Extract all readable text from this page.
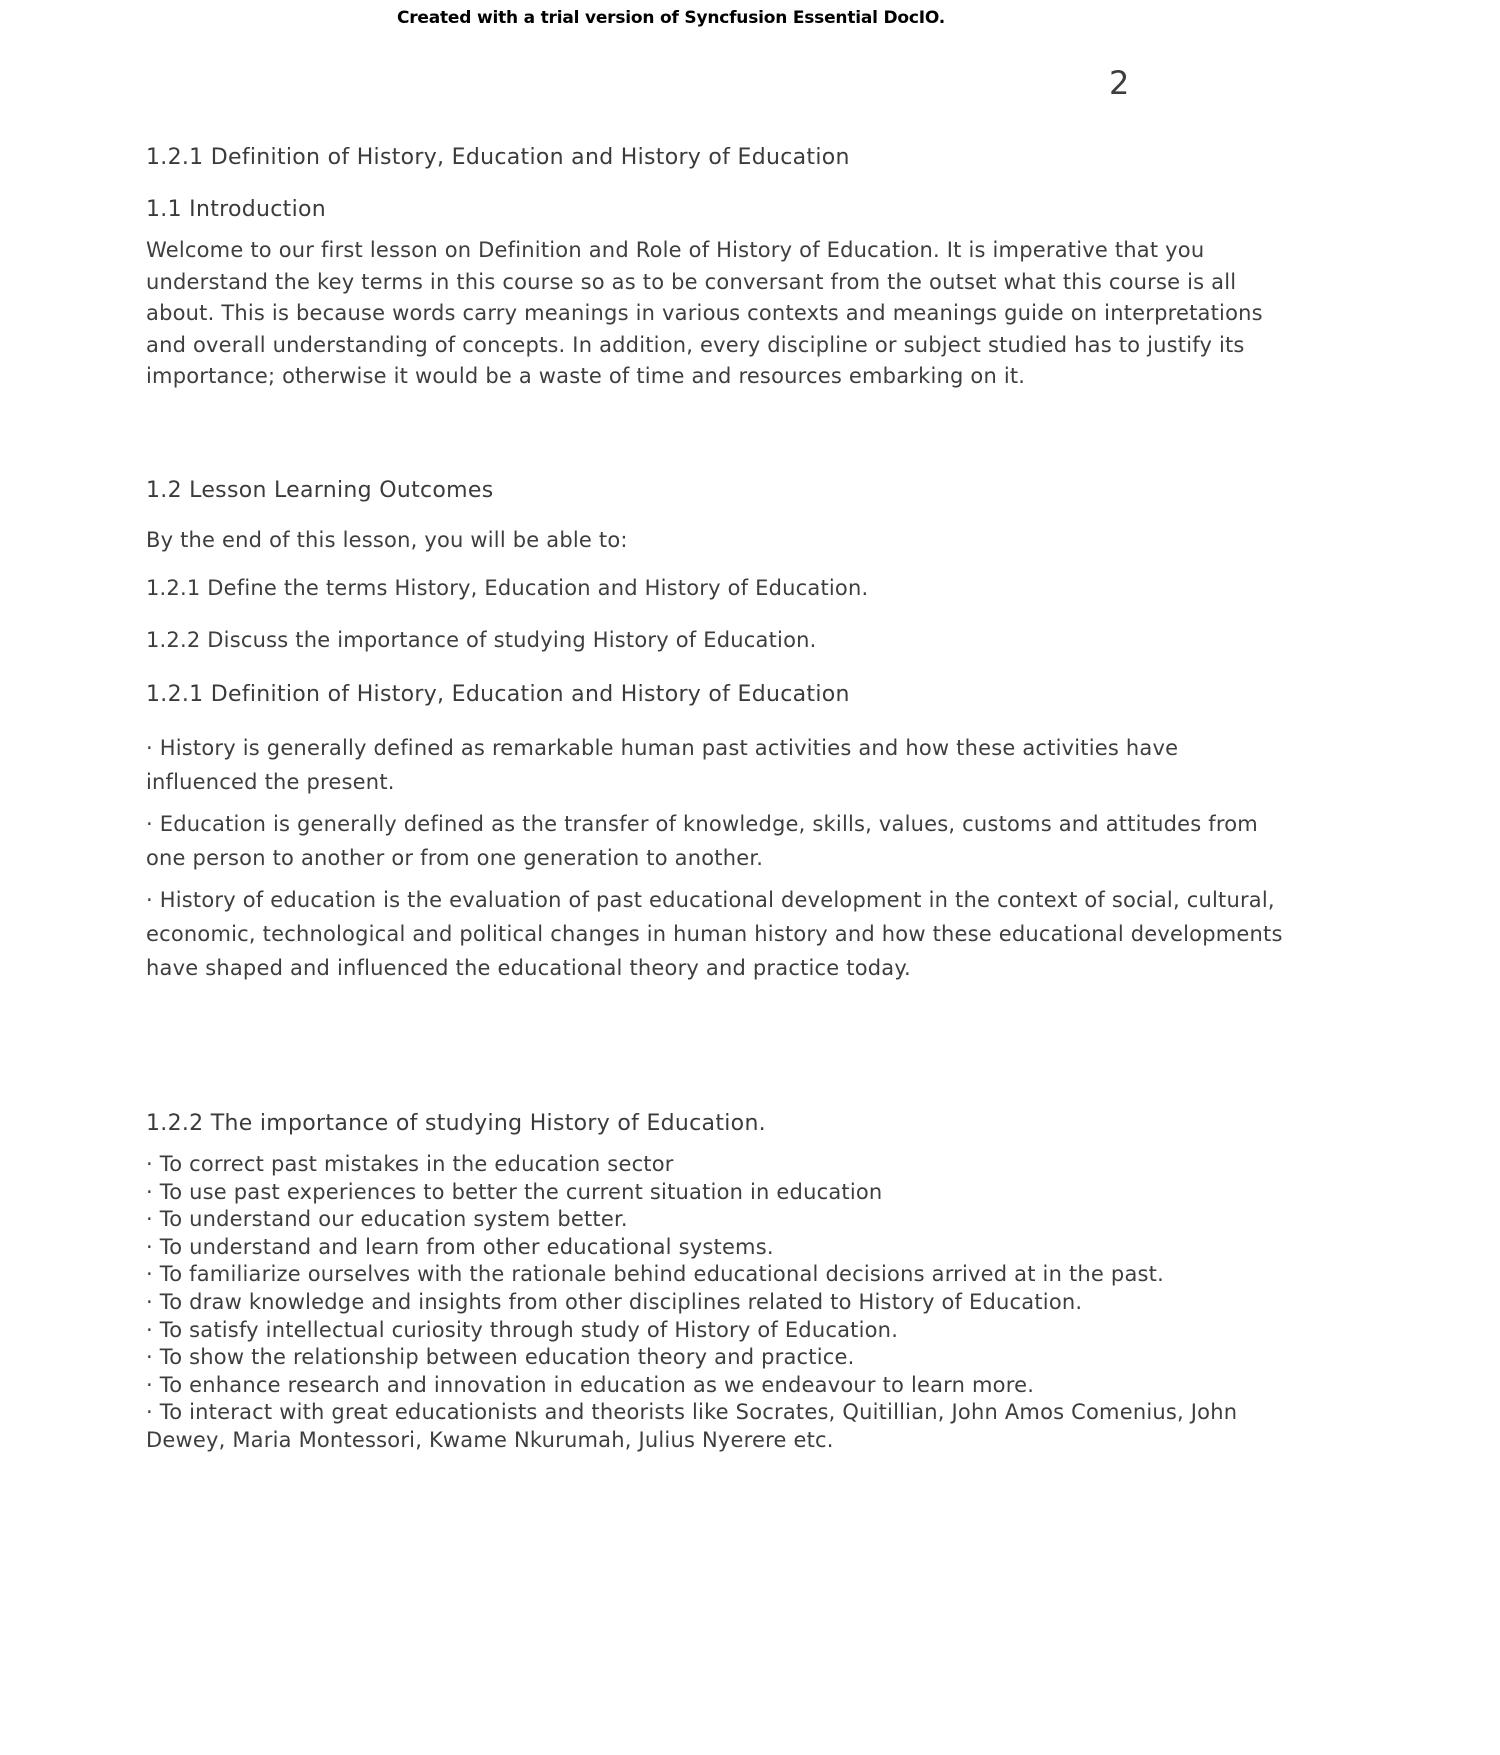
Created with a trial version of Syncfusion Essential DocIO.
2
1.2.1 Definition of History, Education and History of Education
1.1 Introduction
Welcome to our first lesson on Definition and Role of History of Education. It is imperative that you understand the key terms in this course so as to be conversant from the outset what this course is all about. This is because words carry meanings in various contexts and meanings guide on interpretations and overall understanding of concepts. In addition, every discipline or subject studied has to justify its importance; otherwise it would be a waste of time and resources embarking on it.
1.2 Lesson Learning Outcomes
By the end of this lesson, you will be able to:
1.2.1 Define the terms History, Education and History of Education.
1.2.2 Discuss the importance of studying History of Education.
1.2.1 Definition of History, Education and History of Education
· History is generally defined as remarkable human past activities and how these activities have influenced the present.
· Education is generally defined as the transfer of knowledge, skills, values, customs and attitudes from one person to another or from one generation to another.
· History of education is the evaluation of past educational development in the context of social, cultural, economic, technological and political changes in human history and how these educational developments have shaped and influenced the educational theory and practice today.
1.2.2 The importance of studying History of Education.
· To correct past mistakes in the education sector
· To use past experiences to better the current situation in education
· To understand our education system better.
· To understand and learn from other educational systems.
· To familiarize ourselves with the rationale behind educational decisions arrived at in the past.
· To draw knowledge and insights from other disciplines related to History of Education.
· To satisfy intellectual curiosity through study of History of Education.
· To show the relationship between education theory and practice.
· To enhance research and innovation in education as we endeavour to learn more.
· To interact with great educationists and theorists like Socrates, Quitillian, John Amos Comenius, John Dewey, Maria Montessori, Kwame Nkurumah, Julius Nyerere etc.
